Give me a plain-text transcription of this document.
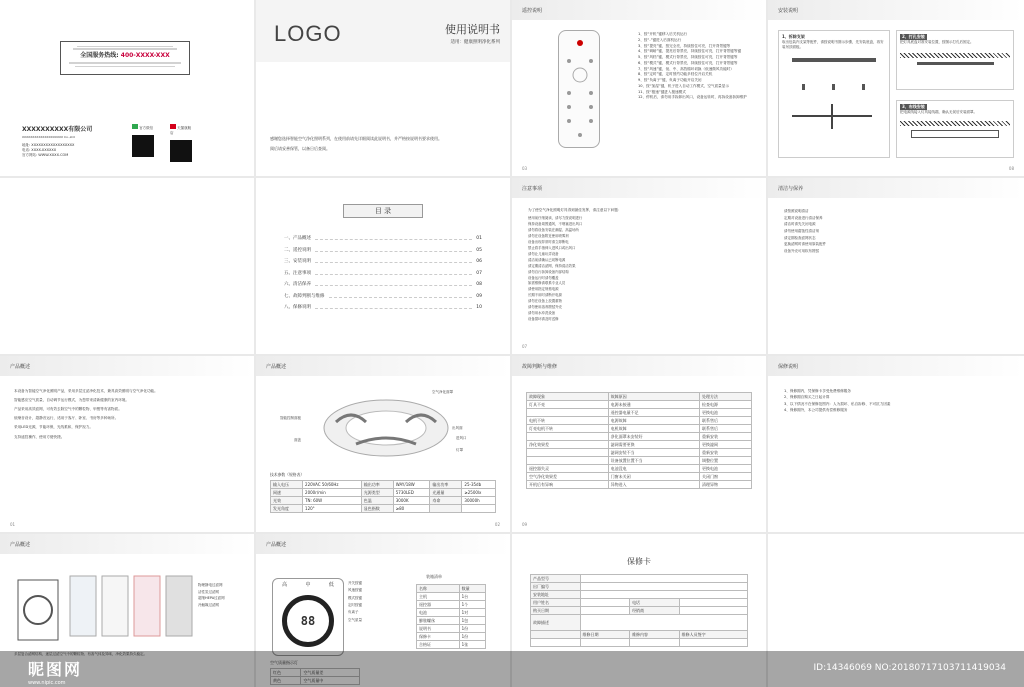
全国服务热线: 400-XXXX-XXX
XXXXXXXXXX有限公司
XXXXXXXXXXXXXXXXXXXX Co.,Ltd
地址: XXXXXXXXXXXXXXXXXX
电话: XXXX-XXXXXX
官方网站: WWW.XXXX.COM
官方微信	天猫旗舰店
LOGO	使用说明书
适用：健康照明净化系列
感谢您选择智能空气净化照明系列，在使用前请先详细阅读此说明书，并严格按说明书要求使用。
阅后请妥善保管，以备日后查阅。
遥控说明
1、按“开机”键移入后关机运行
2、按“-”键进入后面机运行
3、按“提亮”键，按完全亮，持续按住可亮，打开背景键等
4、按“调暗”键，提亮后背景亮，持续按住可亮，打开背景键等键
5、按“风档”键，模式行背景亮，持续按住可亮，打开背景键等
6、按“模式”键，模式行背景亮，持续按住可亮，打开背景键等
7、按“风速”键，低、中、高挡循环切换（低速微风功能时）
8、按“定时”键，定时预约功能多档位开启关机
9、按“负离子”键，负离子功能开启关闭
10、按“加湿”键，机子进入自动工作模式，空气质量显示
11、按“极速”键进入极速模式
12、停机后，请勿用手拆卸出风口，设备运转时，再拆设备拆卸维护
03
安装说明
1、拆除支架
取出包装内支架等配件，请按说明书图示步骤，先安装底盘，再安装吊顶面板。
2、打孔安装
把灯具底盘对准安装位置，按图示打孔后固定。
3、布线安装
把电源线接入灯具接线端，确认无误后安装面罩。
08
目 录
一、产品概述	01
二、遥控说明	05
三、安装说明	06
五、注意事项	07
六、清洁保养	08
七、故障判断与维修	09
八、保修说明	10
注意事项
为了使空气净化照明灯具得到最佳发挥，请注意以下问题：
使用前仔细阅读，请尽力按说明进行
保持设备周围通风，不堵塞进出风口
请勿将设备安装在潮湿、高温场所
请勿在设备附近使用喷雾剂
设备出现异常时请立即断电
禁止将手指伸入进风口或出风口
请勿让儿童玩弄设备
清洁前请确认已切断电源
请定期清洁滤网，保持清洁效果
请勿自行拆卸设备内部结构
设备运行时请勿覆盖
如需维修请联系专业人员
请使用指定规格电源
长期不用时请断开电源
请勿在设备上放置重物
请勿使用溶剂擦拭外壳
请勿用水冲洗设备
设备损坏请及时送修
07
清洁与保养
请按照说明清洁
定期对设备进行清洁保养
清洁时请先关闭电源
请勿使用腐蚀性清洁剂
请定期检查滤网状态
更换滤网时请使用原装配件
设备外壳可用软布擦拭
产品概述

本设备为智能空气净化照明产品，采用多层过滤净化技术，兼具高效照明与空气净化功能。

智能感应空气质量，自动调节运行模式，为您带来清新健康的室内环境。

产品采用高效滤网，可有效去除空气中的颗粒物、甲醛等有害物质。

低噪音设计，超静音运行，适用于客厅、卧室、书房等多种场所。

采用LED光源，节能环保，光线柔和，保护视力。

支持遥控操作，使用方便快捷。

01
产品概述
空气净化面罩
智能控制面板
面盖
出风面
进风口
灯罩
技术参数（规格表）
输入电压	220VAC 50/60Hz	输出功率	WAY/18W	输出功率	25-35db
网速	2000r/min	光源类型	5730LED	光通量	≥2500lx
光效	TN: 60W	色温	3000K	寿命	30000h
发光角度	120°	显色指数	≥80		
02
故障判断与维修
故障现象	故障原因	处理方法
灯具不亮	电源未接通	检查电源
	遥控器电量不足	更换电池
电机不转	电源故障	联系售后
灯亮电机不转	电机故障	联系售后
	净化面罩未安装好	重新安装
净化效果差	滤网需要更换	更换滤网
	滤网安装不当	重新安装
	设备放置位置不当	调整位置
遥控器失灵	电池没电	更换电池
空气净化效果差	门窗未关闭	关闭门窗
开机后有异响	异物进入	清理异物
09
保修说明
1、保修期内，凭保修卡享受免费维修服务
2、保修期自购买之日起计算
3、以下情况不在保修范围内：人为损坏、私自拆修、不可抗力因素
4、保修期外，本公司提供有偿维修服务
产品概述
物理静电过滤网
活性炭过滤网
超细HEPA过滤网
冷触媒过滤网
多层复合滤网结构，逐层过滤空气中的颗粒物、有害气体及异味，净化效果持久稳定。
产品概述
高	中	低
88
开关按键
风速按键
模式按键
定时按键
负离子
空气质量
装箱清单
名称	数量
主机	1台
遥控器	1个
电池	1对
膨胀螺丝	1包
说明书	1份
保修卡	1份
合格证	1张
空气质量指示灯
红色	空气质量差
黄色	空气质量中
保修卡
产品型号			
出厂编号			
安装地址			
用户姓名		电话	
购买日期		经销商	
故障描述			
	维修日期	维修内容	维修人员签字

昵图网
www.nipic.com
ID:14346069 NO:20180717103711419034
